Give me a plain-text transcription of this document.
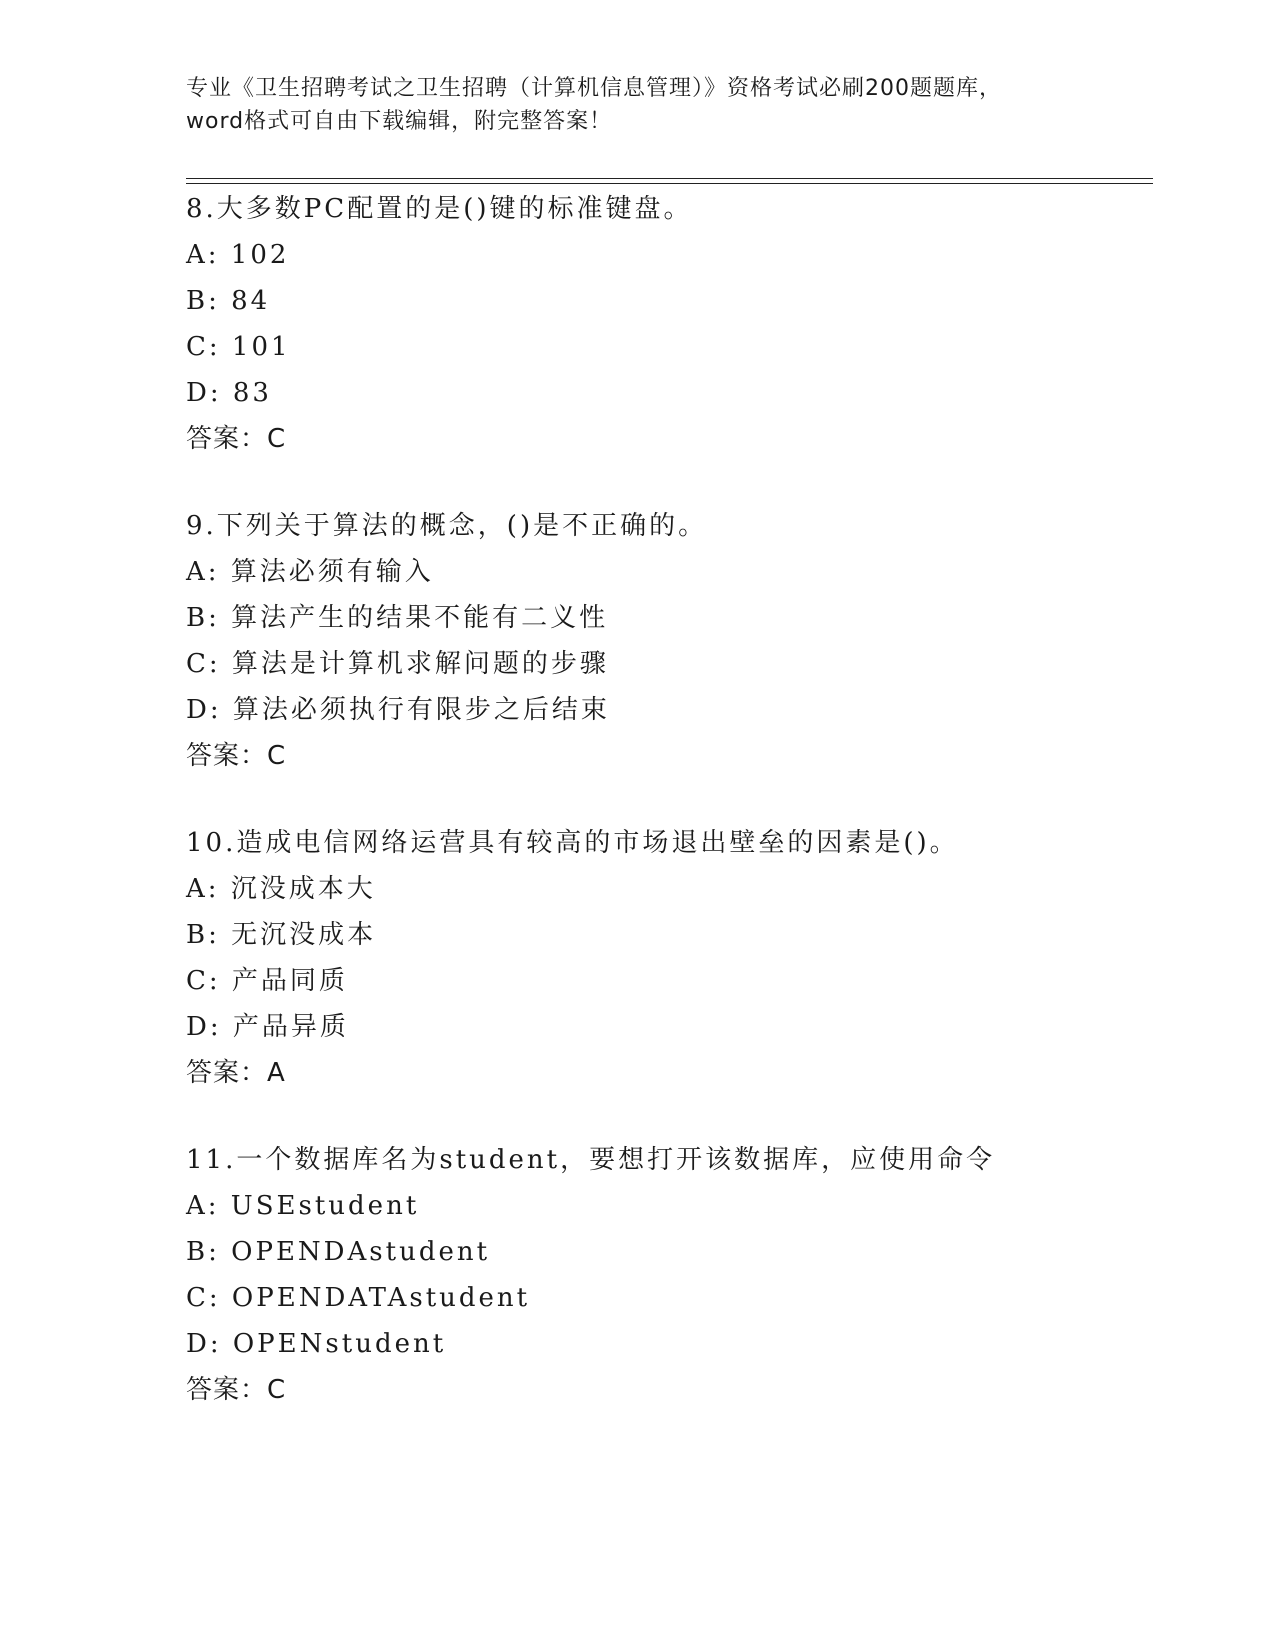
专业《卫生招聘考试之卫生招聘（计算机信息管理）》资格考试必刷200题题库，
word格式可自由下载编辑，附完整答案！
8.大多数PC配置的是()键的标准键盘。
A: 102
B: 84
C: 101
D: 83
答案：C
9.下列关于算法的概念，()是不正确的。
A: 算法必须有输入
B: 算法产生的结果不能有二义性
C: 算法是计算机求解问题的步骤
D: 算法必须执行有限步之后结束
答案：C
10.造成电信网络运营具有较高的市场退出壁垒的因素是()。
A: 沉没成本大
B: 无沉没成本
C: 产品同质
D: 产品异质
答案：A
11.一个数据库名为student，要想打开该数据库，应使用命令
A: USEstudent
B: OPENDAstudent
C: OPENDATAstudent
D: OPENstudent
答案：C
